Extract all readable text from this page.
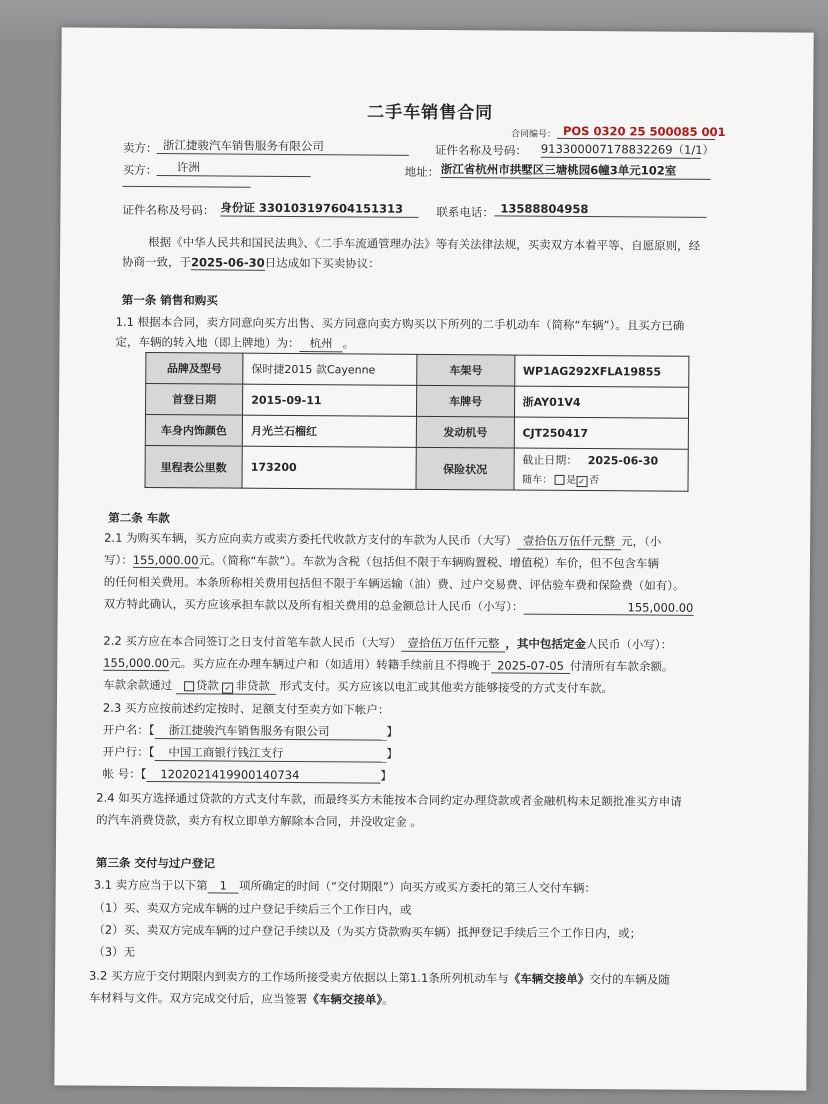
二手车销售合同
合同编号： POS 0320 25 500085 001
卖方： 浙江捷骏汽车销售服务有限公司	证件名称及号码： 91330000717883226​9（1/1）
买方：	许洲	地址： 浙江省杭州市拱墅区三塘桃园6幢3单元102室
证件名称及号码： 身份证 330103197604151313	联系电话： 13588804958
根据《中华人民共和国民法典》、《二手车流通管理办法》等有关法律法规，买卖双方本着平等、自愿原则，经
协商一致，于2025-06-30日达成如下买卖协议：
第一条 销售和购买
1.1 根据本合同，卖方同意向买方出售、买方同意向卖方购买以下所列的二手机动车（简称“车辆”）。且买方已确
定，车辆的转入地（即上牌地）为： 杭州 。
品牌及型号	保时捷2015 款Cayenne	车架号	WP1AG292XFLA19855
首登日期	2015-09-11	车牌号	浙AY01V4
车身内饰颜色	月光兰石榴红	发动机号	CJT250417
里程表公里数	173200	保险状况	截止日期： 2025-06-30
随车： 是 ✓ 否
第二条 车款
2.1 为购买车辆，买方应向卖方或卖方委托代收款方支付的车款为人民币（大写） 壹拾伍万伍仟元整 元，（小
写）：155,000.00元。（简称“车款”）。车款为含税（包括但不限于车辆购置税、增值税）车价，但不包含车辆
的任何相关费用。本条所称相关费用包括但不限于车辆运输（油）费、过户交易费、评估验车费和保险费（如有）。
双方特此确认，买方应该承担车款以及所有相关费用的总金额总计人民币（小写）：	155,000.00
2.2 买方应在本合同签订之日支付首笔车款人民币（大写） 壹拾伍万伍仟元整 ，其中包括定金人民币（小写）：
155,000.00元。买方应在办理车辆过户和（如适用）转籍手续前且不得晚于 2025-07-05 付清所有车款余额。
车款余款通过 贷款 ✓ 非贷款 形式支付。买方应该以电汇或其他卖方能够接受的方式支付车款。
2.3 买方应按前述约定按时、足额支付至卖方如下帐户：
开户名：【 浙江捷骏汽车销售服务有限公司	】
开户行：【 中国工商银行钱江支行	】
帐 号：【 1202021419900140734	】
2.4 如买方选择通过贷款的方式支付车款，而最终买方未能按本合同约定办理贷款或者金融机构未足额批准买方申请
的汽车消费贷款，卖方有权立即单方解除本合同，并没收定金 。
第三条 交付与过户登记
3.1 卖方应当于以下第 1 项所确定的时间（“交付期限”）向买方或买方委托的第三人交付车辆：
（1）买、卖双方完成车辆的过户登记手续后三个工作日内，或
（2）买、卖双方完成车辆的过户登记手续以及（为买方贷款购买车辆）抵押登记手续后三个工作日内，或；
（3）无
3.2 买方应于交付期限内到卖方的工作场所接受卖方依据以上第1.1条所列机动车与《车辆交接单》交付的车辆及随
车材料与文件。双方完成交付后，应当签署《车辆交接单》。
